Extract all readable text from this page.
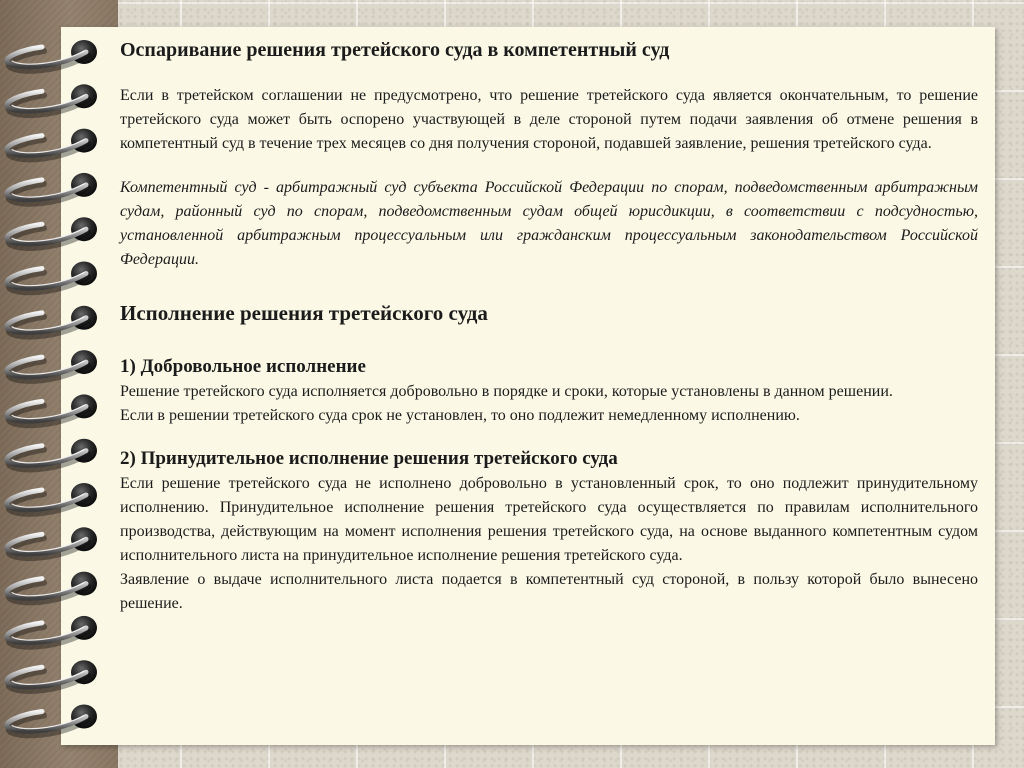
Оспаривание решения третейского суда в компетентный суд

Если в третейском соглашении не предусмотрено, что решение третейского суда является окончательным, то решение третейского суда может быть оспорено участвующей в деле стороной путем подачи заявления об отмене решения в компетентный суд в течение трех месяцев со дня получения стороной, подавшей заявление, решения третейского суда.

Компетентный суд - арбитражный суд субъекта Российской Федерации по спорам, подведомственным арбитражным судам, районный суд по спорам, подведомственным судам общей юрисдикции, в соответствии с подсудностью, установленной арбитражным процессуальным или гражданским процессуальным законодательством Российской Федерации.

Исполнение решения третейского суда
1) Добровольное исполнение

Решение третейского суда исполняется добровольно в порядке и сроки, которые установлены в данном решении.

Если в решении третейского суда срок не установлен, то оно подлежит немедленному исполнению.

2) Принудительное исполнение решения третейского суда

Если решение третейского суда не исполнено добровольно в установленный срок, то оно подлежит принудительному исполнению. Принудительное исполнение решения третейского суда осуществляется по правилам исполнительного производства, действующим на момент исполнения решения третейского суда, на основе выданного компетентным судом исполнительного листа на принудительное исполнение решения третейского суда.

Заявление о выдаче исполнительного листа подается в компетентный суд стороной, в пользу которой было вынесено решение.
